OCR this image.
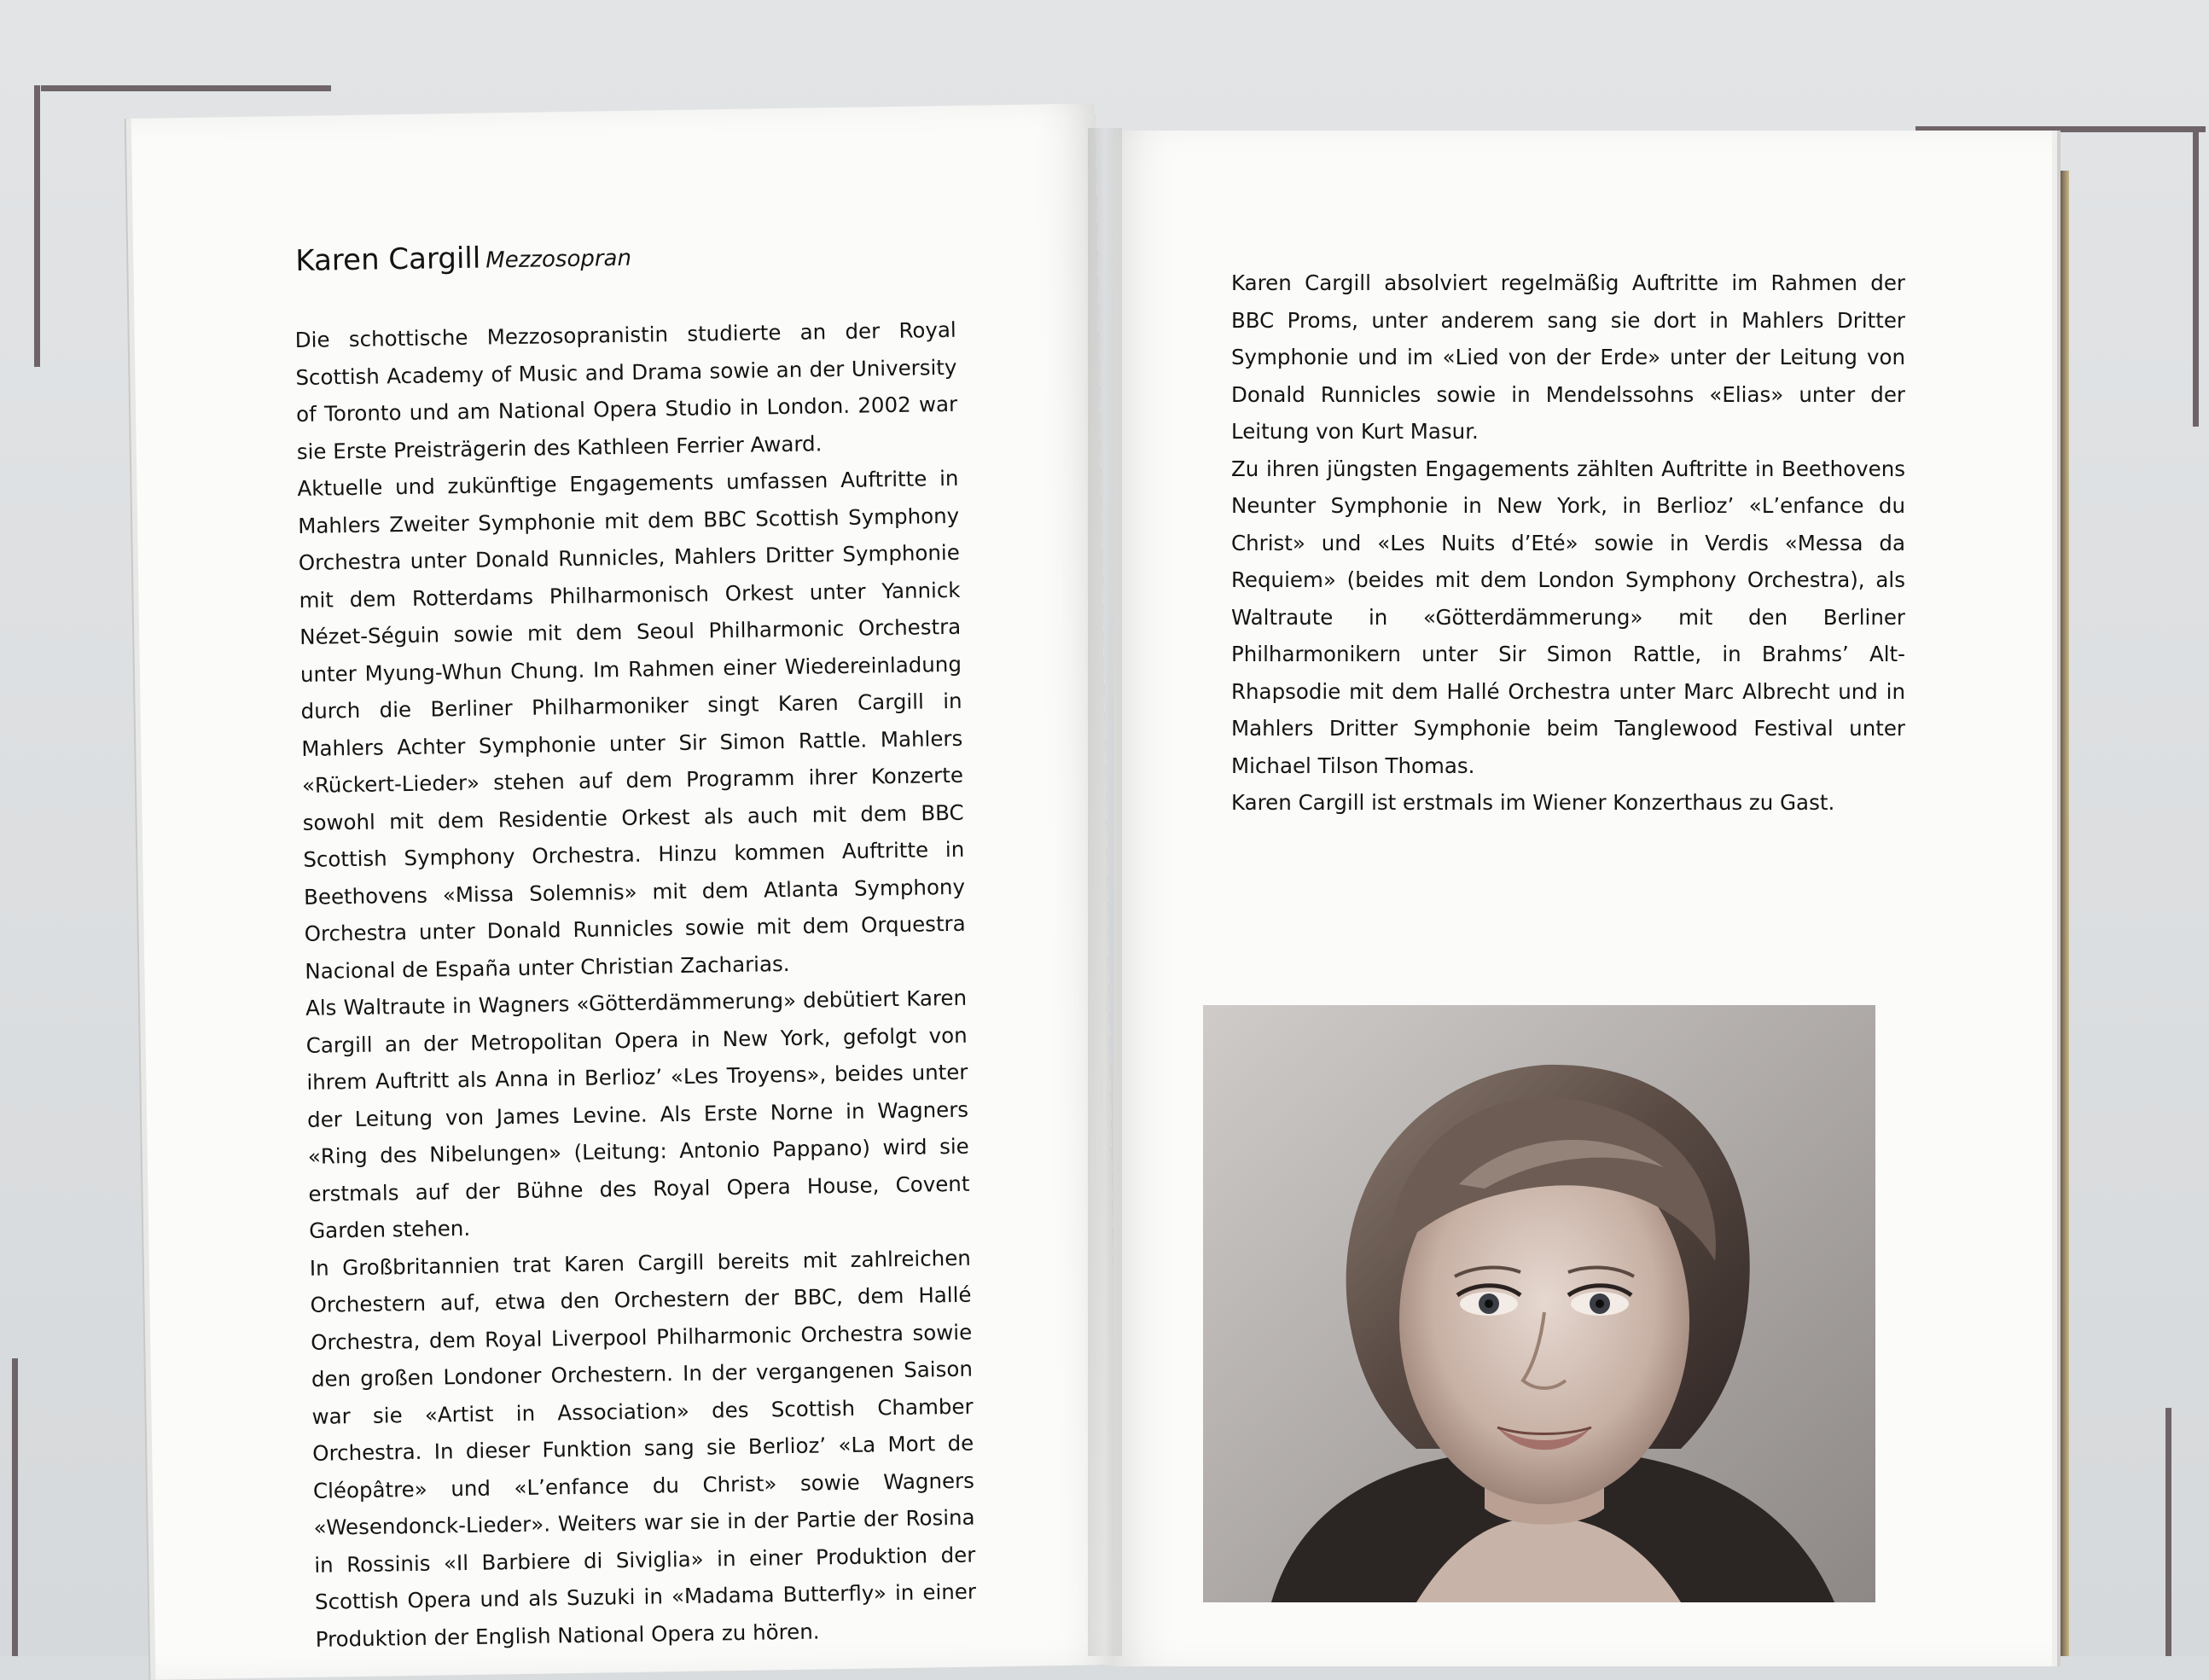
Karen Cargill Mezzosopran

Die schottische Mezzosopranistin studierte an der Royal Scottish Academy of Music and Drama sowie an der University of Toronto und am National Opera Studio in London. 2002 war sie Erste Preisträgerin des Kathleen Ferrier Award.

Aktuelle und zukünftige Engagements umfassen Auftritte in Mahlers Zweiter Symphonie mit dem BBC Scottish Symphony Orchestra unter Donald Runnicles, Mahlers Dritter Symphonie mit dem Rotterdams Philharmonisch Orkest unter Yannick Nézet-Séguin sowie mit dem Seoul Philharmonic Orchestra unter Myung-Whun Chung. Im Rahmen einer Wiedereinladung durch die Berliner Philharmoniker singt Karen Cargill in Mahlers Achter Symphonie unter Sir Simon Rattle. Mahlers «Rückert-Lieder» stehen auf dem Programm ihrer Konzerte sowohl mit dem Residentie Orkest als auch mit dem BBC Scottish Symphony Orchestra. Hinzu kommen Auftritte in Beethovens «Missa Solemnis» mit dem Atlanta Symphony Orchestra unter Donald Runnicles sowie mit dem Orquestra Nacional de España unter Christian Zacharias.

Als Waltraute in Wagners «Götterdämmerung» debütiert Karen Cargill an der Metropolitan Opera in New York, gefolgt von ihrem Auftritt als Anna in Berlioz’ «Les Troyens», beides unter der Leitung von James Levine. Als Erste Norne in Wagners «Ring des Nibelungen» (Leitung: Antonio Pappano) wird sie erstmals auf der Bühne des Royal Opera House, Covent Garden stehen.

In Großbritannien trat Karen Cargill bereits mit zahlreichen Orchestern auf, etwa den Orchestern der BBC, dem Hallé Orchestra, dem Royal Liverpool Philharmonic Orchestra sowie den großen Londoner Orchestern. In der vergangenen Saison war sie «Artist in Association» des Scottish Chamber Orchestra. In dieser Funktion sang sie Berlioz’ «La Mort de Cléopâtre» und «L’enfance du Christ» sowie Wagners «Wesendonck-Lieder». Weiters war sie in der Partie der Rosina in Rossinis «Il Barbiere di Siviglia» in einer Produktion der Scottish Opera und als Suzuki in «Madama Butterfly» in einer Produktion der English National Opera zu hören.

Karen Cargill absolviert regelmäßig Auftritte im Rahmen der BBC Proms, unter anderem sang sie dort in Mahlers Dritter Symphonie und im «Lied von der Erde» unter der Leitung von Donald Runnicles sowie in Mendelssohns «Elias» unter der Leitung von Kurt Masur.

Zu ihren jüngsten Engagements zählten Auftritte in Beethovens Neunter Symphonie in New York, in Berlioz’ «L’enfance du Christ» und «Les Nuits d’Eté» sowie in Verdis «Messa da Requiem» (beides mit dem London Symphony Orchestra), als Waltraute in «Götterdämmerung» mit den Berliner Philharmonikern unter Sir Simon Rattle, in Brahms’ Alt-Rhapsodie mit dem Hallé Orchestra unter Marc Albrecht und in Mahlers Dritter Symphonie beim Tanglewood Festival unter Michael Tilson Thomas.

Karen Cargill ist erstmals im Wiener Konzerthaus zu Gast.
